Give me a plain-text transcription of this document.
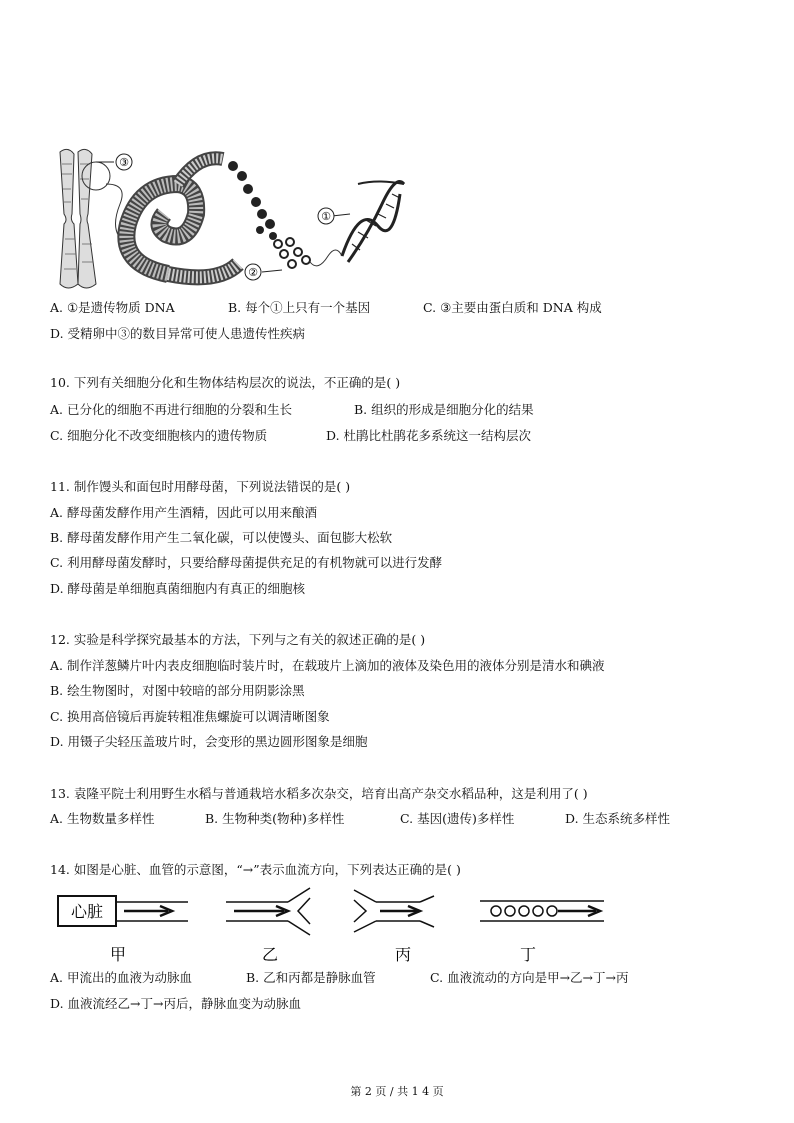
③
①
②
A. ①是遗传物质 DNA	B. 每个①上只有一个基因	C. ③主要由蛋白质和 DNA 构成
D. 受精卵中③的数目异常可使人患遗传性疾病
10. 下列有关细胞分化和生物体结构层次的说法，不正确的是( )
A. 已分化的细胞不再进行细胞的分裂和生长	B. 组织的形成是细胞分化的结果
C. 细胞分化不改变细胞核内的遗传物质	D. 杜鹃比杜鹃花多系统这一结构层次
11. 制作馒头和面包时用酵母菌，下列说法错误的是( )
A. 酵母菌发酵作用产生酒精，因此可以用来酿酒
B. 酵母菌发酵作用产生二氧化碳，可以使馒头、面包膨大松软
C. 利用酵母菌发酵时，只要给酵母菌提供充足的有机物就可以进行发酵
D. 酵母菌是单细胞真菌细胞内有真正的细胞核
12. 实验是科学探究最基本的方法，下列与之有关的叙述正确的是( )
A. 制作洋葱鳞片叶内表皮细胞临时装片时，在载玻片上滴加的液体及染色用的液体分别是清水和碘液
B. 绘生物图时，对图中较暗的部分用阴影涂黑
C. 换用高倍镜后再旋转粗准焦螺旋可以调清晰图象
D. 用镊子尖轻压盖玻片时，会变形的黑边圆形图象是细胞
13. 袁隆平院士利用野生水稻与普通栽培水稻多次杂交，培育出高产杂交水稻品种，这是利用了( )
A. 生物数量多样性	B. 生物种类(物种)多样性	C. 基因(遗传)多样性	D. 生态系统多样性
14. 如图是心脏、血管的示意图，“→”表示血流方向，下列表达正确的是( )
心脏
甲	乙	丙	丁
A. 甲流出的血液为动脉血	B. 乙和丙都是静脉血管	C. 血液流动的方向是甲→乙→丁→丙
D. 血液流经乙→丁→丙后，静脉血变为动脉血
第 2 页 / 共 1 4 页
